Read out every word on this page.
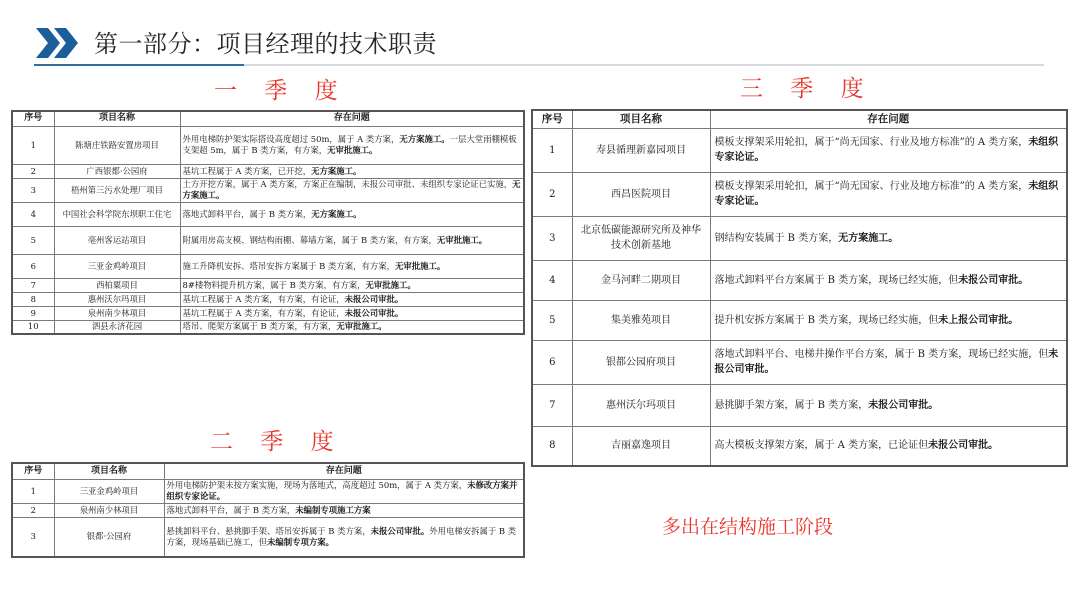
第一部分：项目经理的技术职责
一 季 度
二 季 度
三 季 度
序号	项目名称	存在问题
1	陈塘庄铁路安置房项目	外用电梯防护架实际搭设高度超过 50m，属于 A 类方案，无方案施工。一层大堂雨棚模板支架超 5m，属于 B 类方案，有方案，无审批施工。
2	广西银都·公园府	基坑工程属于 A 类方案，已开挖，无方案施工。
3	梧州第三污水处理厂项目	土方开挖方案，属于 A 类方案，方案正在编制，未报公司审批、未组织专家论证已实施，无方案施工。
4	中国社会科学院东坝职工住宅	落地式卸料平台，属于 B 类方案，无方案施工。
5	亳州客运站项目	附属用房高支模、钢结构雨棚、幕墙方案，属于 B 类方案，有方案，无审批施工。
6	三亚金鸡岭项目	施工升降机安拆、塔吊安拆方案属于 B 类方案，有方案，无审批施工。
7	西柏粟项目	8#楼物料提升机方案，属于 B 类方案，有方案，无审批施工。
8	惠州沃尔玛项目	基坑工程属于 A 类方案，有方案，有论证，未报公司审批。
9	泉州南少林项目	基坑工程属于 A 类方案，有方案，有论证，未报公司审批。
10	泗县永济花园	塔吊、爬架方案属于 B 类方案，有方案，无审批施工。
序号	项目名称	存在问题
1	三亚金鸡岭项目	外用电梯防护架未按方案实施，现场为落地式，高度超过 50m，属于 A 类方案，未修改方案并组织专家论证。
2	泉州南少林项目	落地式卸料平台，属于 B 类方案，未编制专项施工方案
3	银都·公园府	悬挑卸料平台、悬挑脚手架、塔吊安拆属于 B 类方案，未报公司审批。外用电梯安拆属于 B 类方案，现场基础已施工，但未编制专项方案。
序号	项目名称	存在问题
1	寿县循理新嘉园项目	模板支撑架采用轮扣，属于“尚无国家、行业及地方标准”的 A 类方案，未组织专家论证。
2	西昌医院项目	模板支撑架采用轮扣，属于“尚无国家、行业及地方标准”的 A 类方案，未组织专家论证。
3	北京低碳能源研究所及神华技术创新基地	钢结构安装属于 B 类方案，无方案施工。
4	金马河畔二期项目	落地式卸料平台方案属于 B 类方案，现场已经实施，但未报公司审批。
5	集美雅苑项目	提升机安拆方案属于 B 类方案，现场已经实施，但未上报公司审批。
6	银都公园府项目	落地式卸料平台、电梯井操作平台方案，属于 B 类方案，现场已经实施，但未报公司审批。
7	惠州沃尔玛项目	悬挑脚手架方案，属于 B 类方案，未报公司审批。
8	吉丽嘉逸项目	高大模板支撑架方案，属于 A 类方案，已论证但未报公司审批。
多出在结构施工阶段
